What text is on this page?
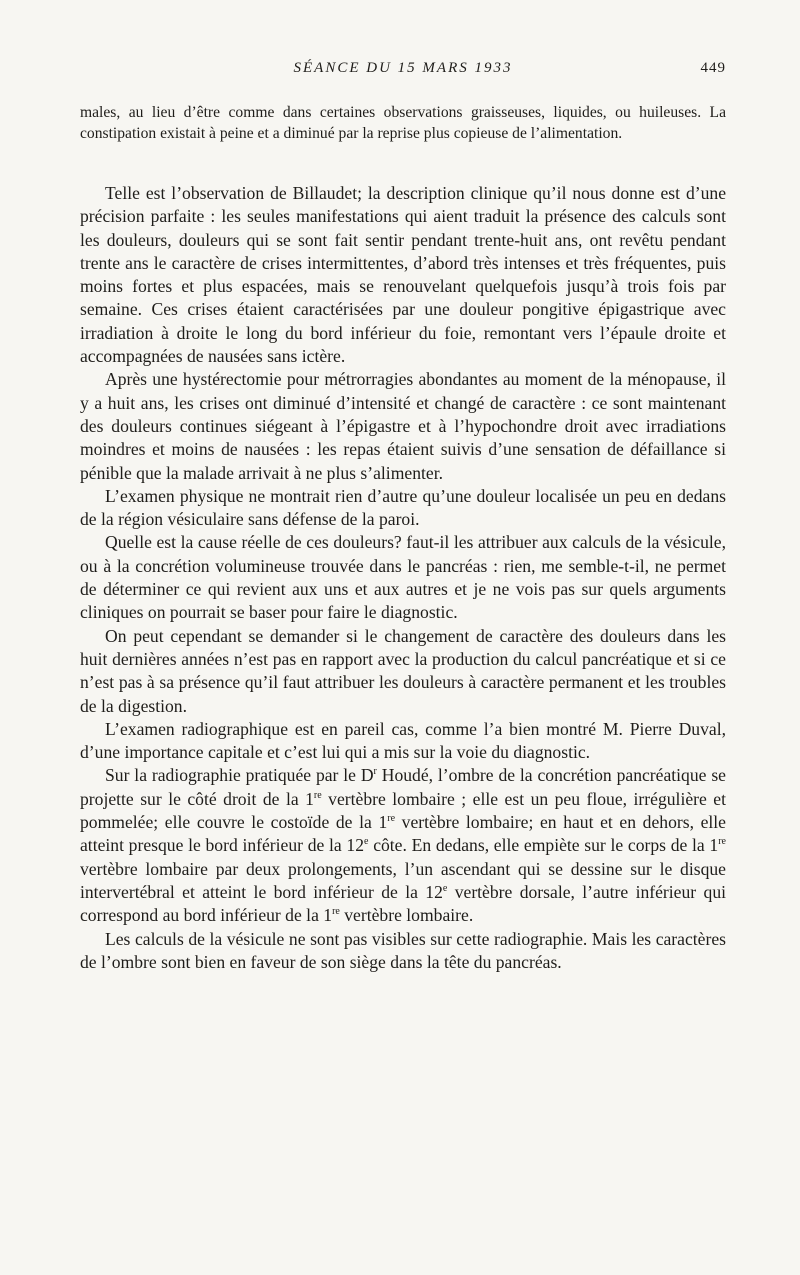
SÉANCE DU 15 MARS 1933	449

males, au lieu d’être comme dans certaines observations graisseuses, liquides, ou huileuses. La constipation existait à peine et a diminué par la reprise plus copieuse de l’alimentation.

Telle est l’observation de Billaudet; la description clinique qu’il nous donne est d’une précision parfaite : les seules manifestations qui aient traduit la présence des calculs sont les douleurs, douleurs qui se sont fait sentir pendant trente-huit ans, ont revêtu pendant trente ans le caractère de crises intermittentes, d’abord très intenses et très fréquentes, puis moins fortes et plus espacées, mais se renouvelant quelquefois jusqu’à trois fois par semaine. Ces crises étaient caractérisées par une douleur pongitive épigastrique avec irradiation à droite le long du bord inférieur du foie, remontant vers l’épaule droite et accompagnées de nausées sans ictère.

Après une hystérectomie pour métrorragies abondantes au moment de la ménopause, il y a huit ans, les crises ont diminué d’intensité et changé de caractère : ce sont maintenant des douleurs continues siégeant à l’épigastre et à l’hypochondre droit avec irradiations moindres et moins de nausées : les repas étaient suivis d’une sensation de défaillance si pénible que la malade arrivait à ne plus s’alimenter.

L’examen physique ne montrait rien d’autre qu’une douleur localisée un peu en dedans de la région vésiculaire sans défense de la paroi.

Quelle est la cause réelle de ces douleurs? faut-il les attribuer aux calculs de la vésicule, ou à la concrétion volumineuse trouvée dans le pancréas : rien, me semble-t-il, ne permet de déterminer ce qui revient aux uns et aux autres et je ne vois pas sur quels arguments cliniques on pourrait se baser pour faire le diagnostic.

On peut cependant se demander si le changement de caractère des douleurs dans les huit dernières années n’est pas en rapport avec la production du calcul pancréatique et si ce n’est pas à sa présence qu’il faut attribuer les douleurs à caractère permanent et les troubles de la digestion.

L’examen radiographique est en pareil cas, comme l’a bien montré M. Pierre Duval, d’une importance capitale et c’est lui qui a mis sur la voie du diagnostic.

Sur la radiographie pratiquée par le $D^r$ Houdé, l’ombre de la concrétion pancréatique se projette sur le côté droit de la 1re vertèbre lombaire ; elle est un peu floue, irrégulière et pommelée; elle couvre le costoïde de la 1re vertèbre lombaire; en haut et en dehors, elle atteint presque le bord inférieur de la 12e côte. En dedans, elle empiète sur le corps de la 1re vertèbre lombaire par deux prolongements, l’un ascendant qui se dessine sur le disque intervertébral et atteint le bord inférieur de la 12e vertèbre dorsale, l’autre inférieur qui correspond au bord inférieur de la 1re vertèbre lombaire.

Les calculs de la vésicule ne sont pas visibles sur cette radiographie. Mais les caractères de l’ombre sont bien en faveur de son siège dans la tête du pancréas.
